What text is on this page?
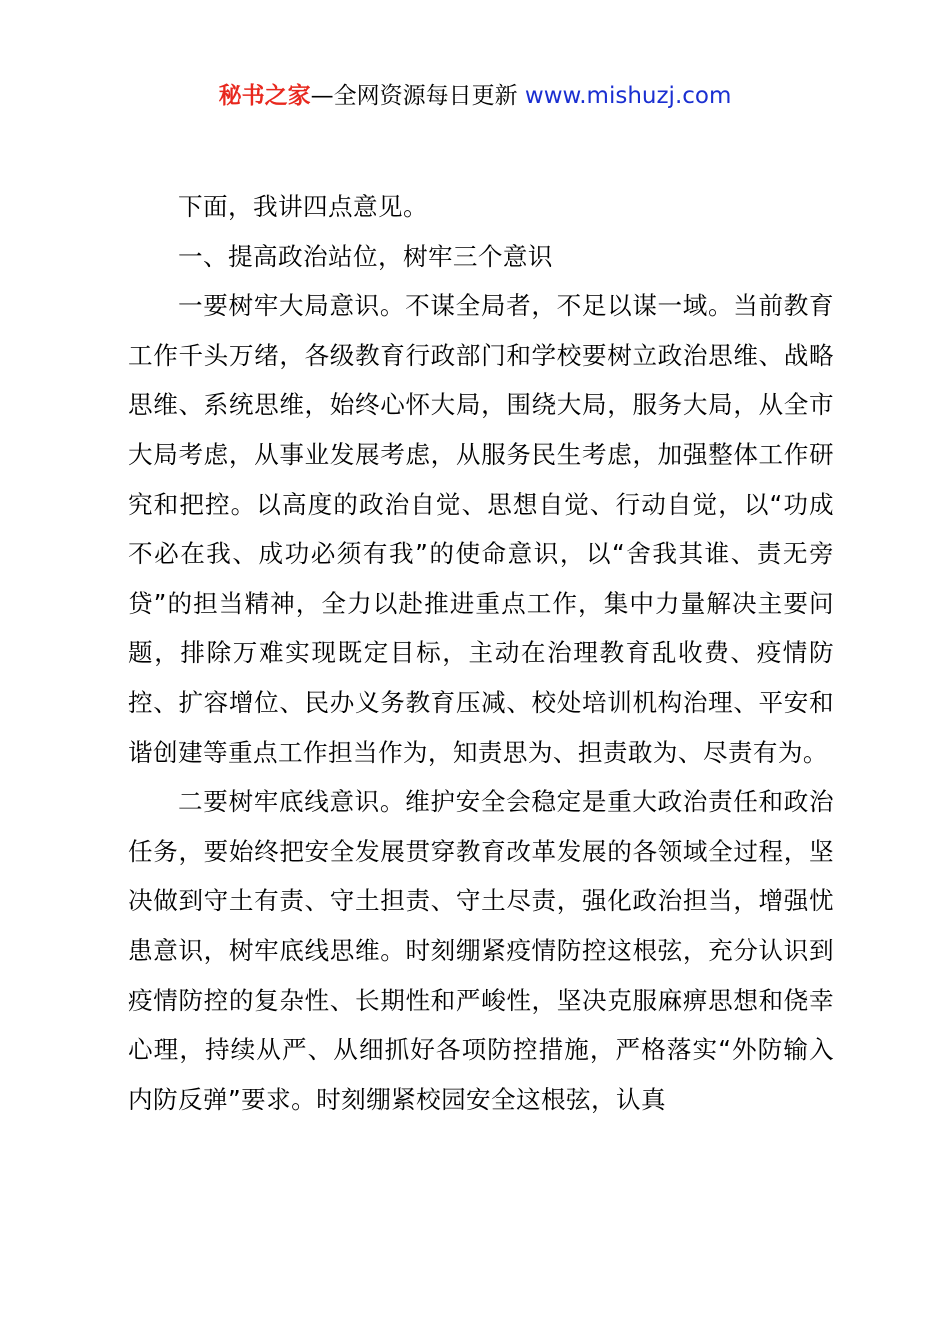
秘书之家—全网资源每日更新 www.mishuzj.com

下面，我讲四点意见。

一、提高政治站位，树牢三个意识

一要树牢大局意识。不谋全局者，不足以谋一域。当前教育工作千头万绪，各级教育行政部门和学校要树立政治思维、战略思维、系统思维，始终心怀大局，围绕大局，服务大局，从全市大局考虑，从事业发展考虑，从服务民生考虑，加强整体工作研究和把控。以高度的政治自觉、思想自觉、行动自觉，以“功成不必在我、成功必须有我”的使命意识，以“舍我其谁、责无旁贷”的担当精神，全力以赴推进重点工作，集中力量解决主要问题，排除万难实现既定目标，主动在治理教育乱收费、疫情防控、扩容增位、民办义务教育压减、校处培训机构治理、平安和谐创建等重点工作担当作为，知责思为、担责敢为、尽责有为。

二要树牢底线意识。维护安全会稳定是重大政治责任和政治任务，要始终把安全发展贯穿教育改革发展的各领域全过程，坚决做到守土有责、守土担责、守土尽责，强化政治担当，增强忧患意识，树牢底线思维。时刻绷紧疫情防控这根弦，充分认识到疫情防控的复杂性、长期性和严峻性，坚决克服麻痹思想和侥幸心理，持续从严、从细抓好各项防控措施，严格落实“外防输入内防反弹”要求。时刻绷紧校园安全这根弦，认真
